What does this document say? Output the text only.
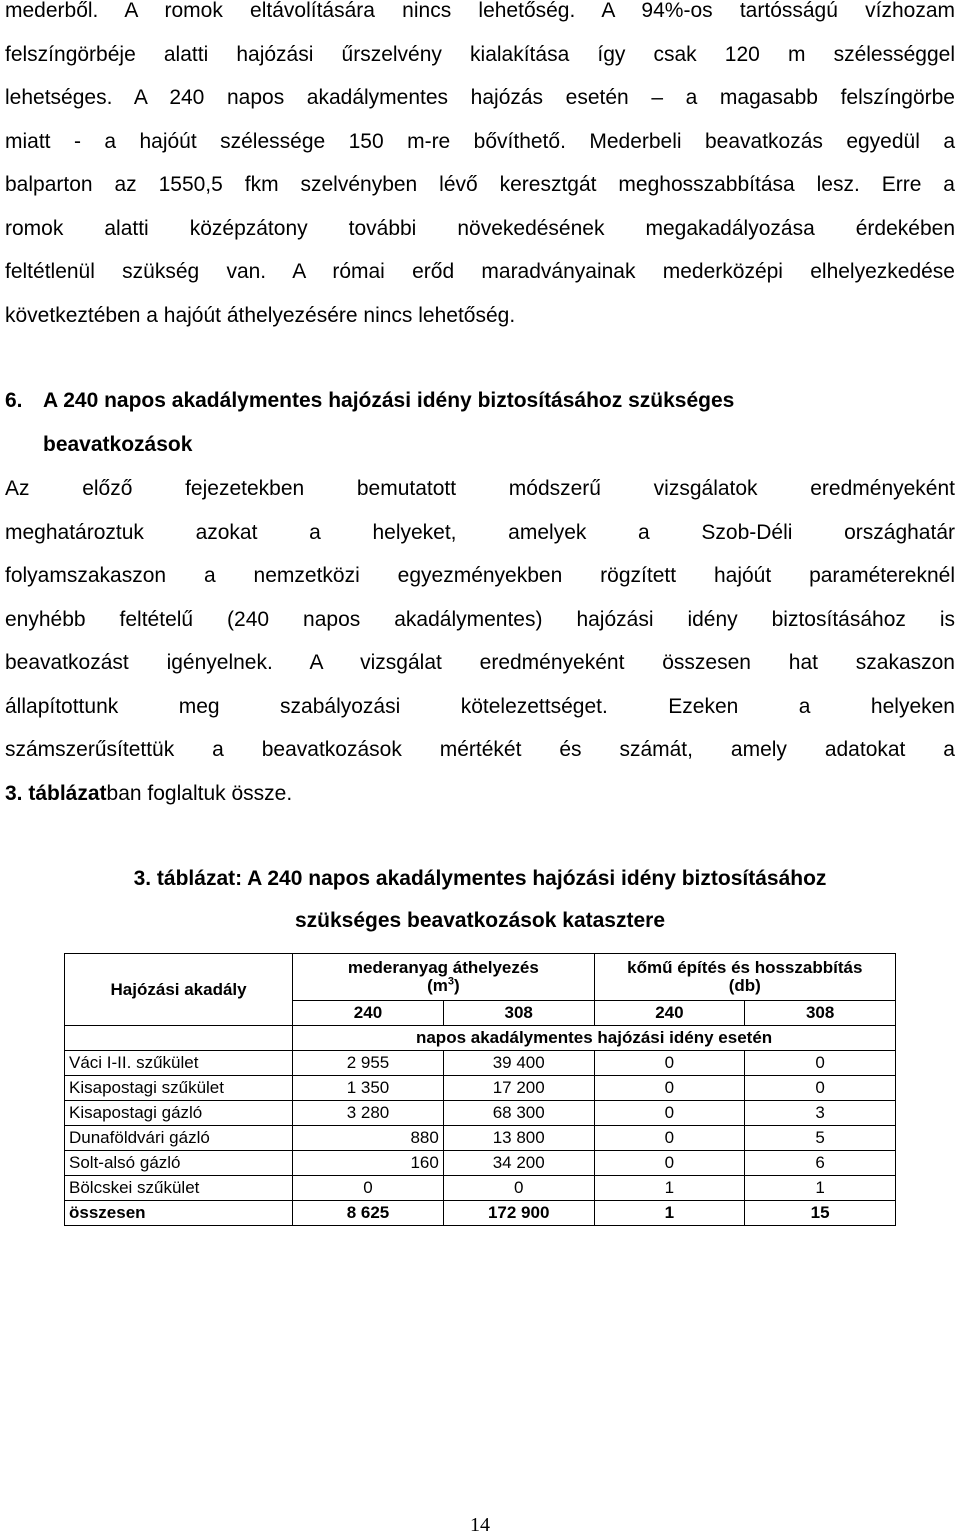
mederből. A romok eltávolítására nincs lehetőség. A 94%-os tartósságú vízhozam
felszíngörbéje alatti hajózási űrszelvény kialakítása így csak 120 m szélességgel
lehetséges. A 240 napos akadálymentes hajózás esetén – a magasabb felszíngörbe
miatt - a hajóút szélessége 150 m-re bővíthető. Mederbeli beavatkozás egyedül a
balparton az 1550,5 fkm szelvényben lévő keresztgát meghosszabbítása lesz. Erre a
romok alatti középzátony további növekedésének megakadályozása érdekében
feltétlenül szükség van. A római erőd maradványainak mederközépi elhelyezkedése
következtében a hajóút áthelyezésére nincs lehetőség.
6. A 240 napos akadálymentes hajózási idény biztosításához szükséges
beavatkozások
Az előző fejezetekben bemutatott módszerű vizsgálatok eredményeként
meghatároztuk azokat a helyeket, amelyek a Szob-Déli országhatár
folyamszakaszon a nemzetközi egyezményekben rögzített hajóút paramétereknél
enyhébb feltételű (240 napos akadálymentes) hajózási idény biztosításához is
beavatkozást igényelnek. A vizsgálat eredményeként összesen hat szakaszon
állapítottunk meg szabályozási kötelezettséget. Ezeken a helyeken
számszerűsítettük a beavatkozások mértékét és számát, amely adatokat a
3. táblázatban foglaltuk össze.
3. táblázat: A 240 napos akadálymentes hajózási idény biztosításához
szükséges beavatkozások katasztere
Hajózási akadály	mederanyag áthelyezés
$(m^3)$		kőmű építés és hosszabbítás
(db)	
	240	308	240	308
	napos akadálymentes hajózási idény esetén			
Váci I-II. szűkület	2 955	39 400	0	0
Kisapostagi szűkület	1 350	17 200	0	0
Kisapostagi gázló	3 280	68 300	0	3
Dunaföldvári gázló	880	13 800	0	5
Solt-alsó gázló	160	34 200	0	6
Bölcskei szűkület	0	0	1	1
összesen	8 625	172 900	1	15
14
